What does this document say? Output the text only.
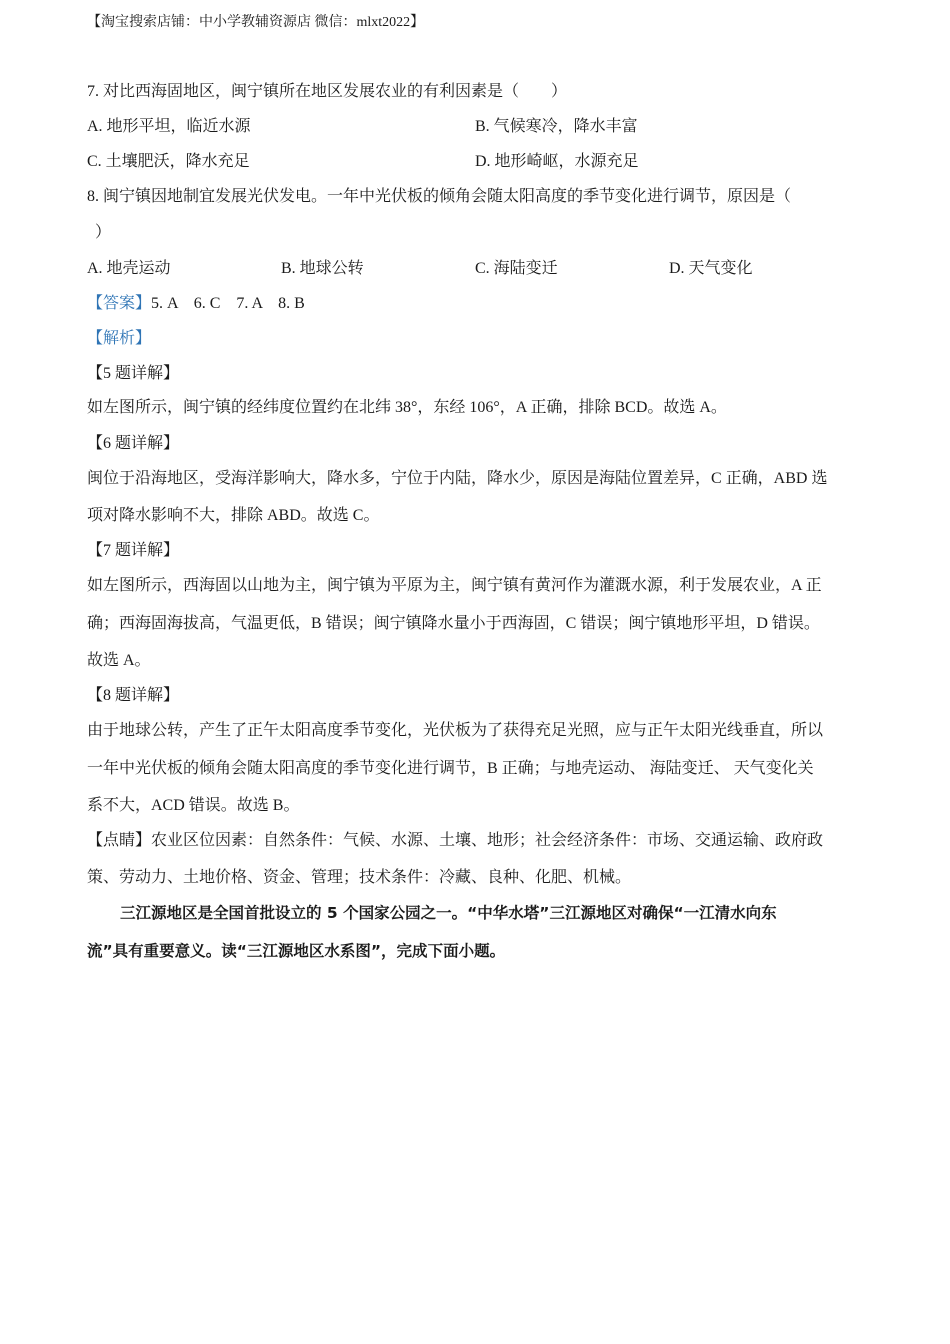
【淘宝搜索店铺：中小学教辅资源店 微信：mlxt2022】
7. 对比西海固地区，闽宁镇所在地区发展农业的有利因素是（　　）
A. 地形平坦，临近水源	B. 气候寒冷，降水丰富
C. 土壤肥沃，降水充足	D. 地形崎岖，水源充足
8. 闽宁镇因地制宜发展光伏发电。一年中光伏板的倾角会随太阳高度的季节变化进行调节，原因是（
）
A. 地壳运动	B. 地球公转	C. 海陆变迁	D. 天气变化
【答案】5. A　6. C　7. A　8. B
【解析】
【5 题详解】
如左图所示，闽宁镇的经纬度位置约在北纬 38°，东经 106°，A 正确，排除 BCD。故选 A。
【6 题详解】
闽位于沿海地区，受海洋影响大，降水多，宁位于内陆，降水少，原因是海陆位置差异，C 正确，ABD 选
项对降水影响不大，排除 ABD。故选 C。
【7 题详解】
如左图所示，西海固以山地为主，闽宁镇为平原为主，闽宁镇有黄河作为灌溉水源，利于发展农业，A 正
确；西海固海拔高，气温更低，B 错误；闽宁镇降水量小于西海固，C 错误；闽宁镇地形平坦，D 错误。
故选 A。
【8 题详解】
由于地球公转，产生了正午太阳高度季节变化，光伏板为了获得充足光照，应与正午太阳光线垂直，所以
一年中光伏板的倾角会随太阳高度的季节变化进行调节，B 正确；与地壳运动、 海陆变迁、 天气变化关
系不大，ACD 错误。故选 B。
【点睛】农业区位因素：自然条件：气候、水源、土壤、地形；社会经济条件：市场、交通运输、政府政
策、劳动力、土地价格、资金、管理；技术条件：冷藏、良种、化肥、机械。
三江源地区是全国首批设立的 5 个国家公园之一。“中华水塔”三江源地区对确保“一江清水向东
流”具有重要意义。读“三江源地区水系图”，完成下面小题。
